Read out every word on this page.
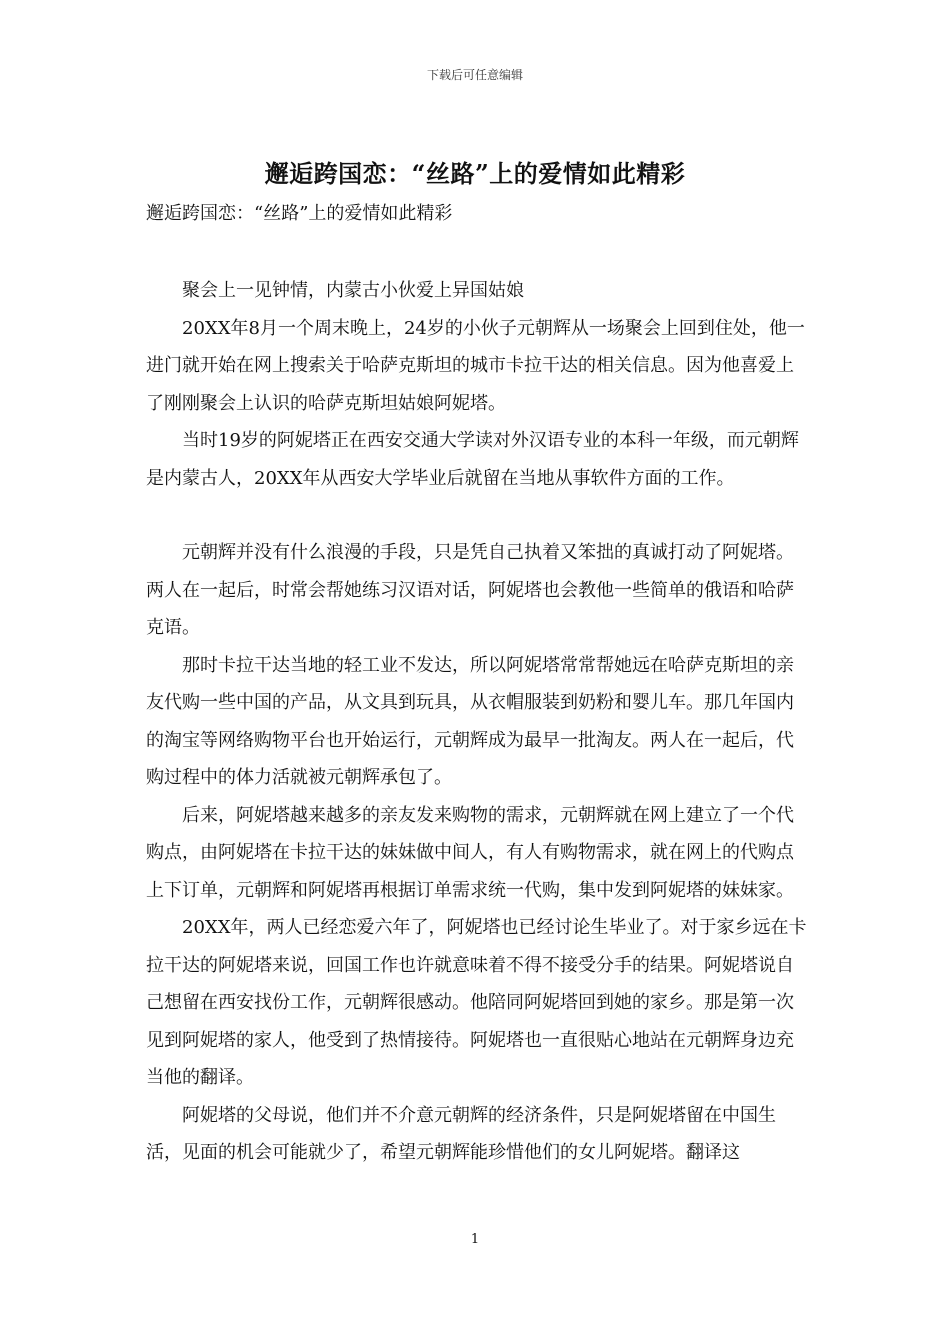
下载后可任意编辑
邂逅跨国恋：“丝路”上的爱情如此精彩
邂逅跨国恋：“丝路”上的爱情如此精彩

聚会上一见钟情，内蒙古小伙爱上异国姑娘

20XX年8月一个周末晚上，24岁的小伙子元朝辉从一场聚会上回到住处，他一进门就开始在网上搜索关于哈萨克斯坦的城市卡拉干达的相关信息。因为他喜爱上了刚刚聚会上认识的哈萨克斯坦姑娘阿妮塔。

当时19岁的阿妮塔正在西安交通大学读对外汉语专业的本科一年级，而元朝辉是内蒙古人，20XX年从西安大学毕业后就留在当地从事软件方面的工作。

元朝辉并没有什么浪漫的手段，只是凭自己执着又笨拙的真诚打动了阿妮塔。两人在一起后，时常会帮她练习汉语对话，阿妮塔也会教他一些简单的俄语和哈萨克语。

那时卡拉干达当地的轻工业不发达，所以阿妮塔常常帮她远在哈萨克斯坦的亲友代购一些中国的产品，从文具到玩具，从衣帽服装到奶粉和婴儿车。那几年国内的淘宝等网络购物平台也开始运行，元朝辉成为最早一批淘友。两人在一起后，代购过程中的体力活就被元朝辉承包了。

后来，阿妮塔越来越多的亲友发来购物的需求，元朝辉就在网上建立了一个代购点，由阿妮塔在卡拉干达的妹妹做中间人，有人有购物需求，就在网上的代购点上下订单，元朝辉和阿妮塔再根据订单需求统一代购，集中发到阿妮塔的妹妹家。

20XX年，两人已经恋爱六年了，阿妮塔也已经讨论生毕业了。对于家乡远在卡拉干达的阿妮塔来说，回国工作也许就意味着不得不接受分手的结果。阿妮塔说自己想留在西安找份工作，元朝辉很感动。他陪同阿妮塔回到她的家乡。那是第一次见到阿妮塔的家人，他受到了热情接待。阿妮塔也一直很贴心地站在元朝辉身边充当他的翻译。

阿妮塔的父母说，他们并不介意元朝辉的经济条件，只是阿妮塔留在中国生活，见面的机会可能就少了，希望元朝辉能珍惜他们的女儿阿妮塔。翻译这

1
